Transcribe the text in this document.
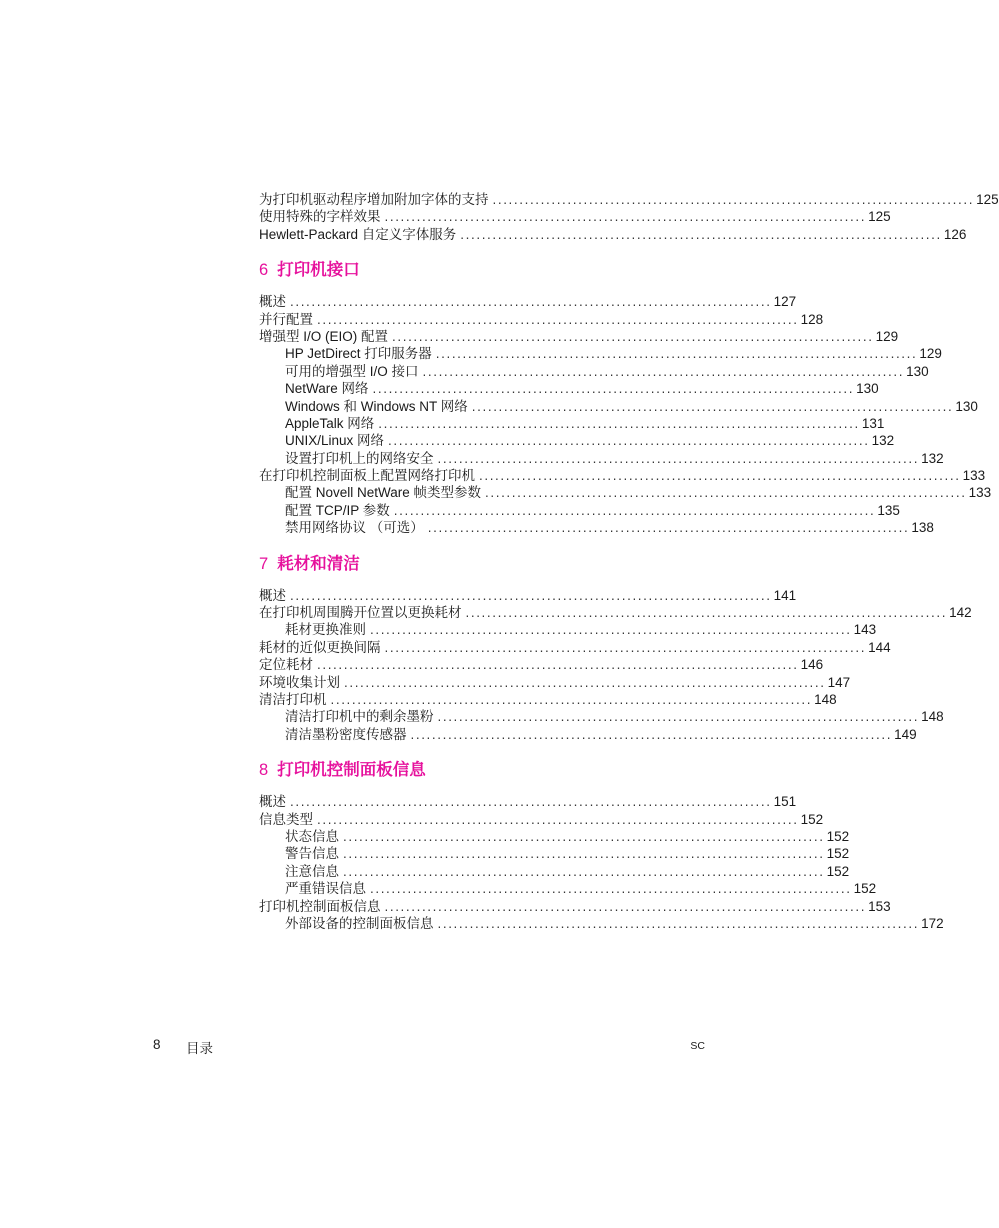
为打印机驱动程序增加附加字体的支持 .......................................................................................... 125
使用特殊的字样效果 .......................................................................................... 125
Hewlett-Packard 自定义字体服务 .......................................................................................... 126
6 打印机接口
概述 .......................................................................................... 127
并行配置 .......................................................................................... 128
增强型 I/O (EIO) 配置 .......................................................................................... 129
HP JetDirect 打印服务器 .......................................................................................... 129
可用的增强型 I/O 接口 .......................................................................................... 130
NetWare 网络 .......................................................................................... 130
Windows 和 Windows NT 网络 .......................................................................................... 130
AppleTalk 网络 .......................................................................................... 131
UNIX/Linux 网络 .......................................................................................... 132
设置打印机上的网络安全 .......................................................................................... 132
在打印机控制面板上配置网络打印机 .......................................................................................... 133
配置 Novell NetWare 帧类型参数 .......................................................................................... 133
配置 TCP/IP 参数 .......................................................................................... 135
禁用网络协议 （可选） .......................................................................................... 138
7 耗材和清洁
概述 .......................................................................................... 141
在打印机周围腾开位置以更换耗材 .......................................................................................... 142
耗材更换准则 .......................................................................................... 143
耗材的近似更换间隔 .......................................................................................... 144
定位耗材 .......................................................................................... 146
环境收集计划 .......................................................................................... 147
清洁打印机 .......................................................................................... 148
清洁打印机中的剩余墨粉 .......................................................................................... 148
清洁墨粉密度传感器 .......................................................................................... 149
8 打印机控制面板信息
概述 .......................................................................................... 151
信息类型 .......................................................................................... 152
状态信息 .......................................................................................... 152
警告信息 .......................................................................................... 152
注意信息 .......................................................................................... 152
严重错误信息 .......................................................................................... 152
打印机控制面板信息 .......................................................................................... 153
外部设备的控制面板信息 .......................................................................................... 172
8 目录	SC
